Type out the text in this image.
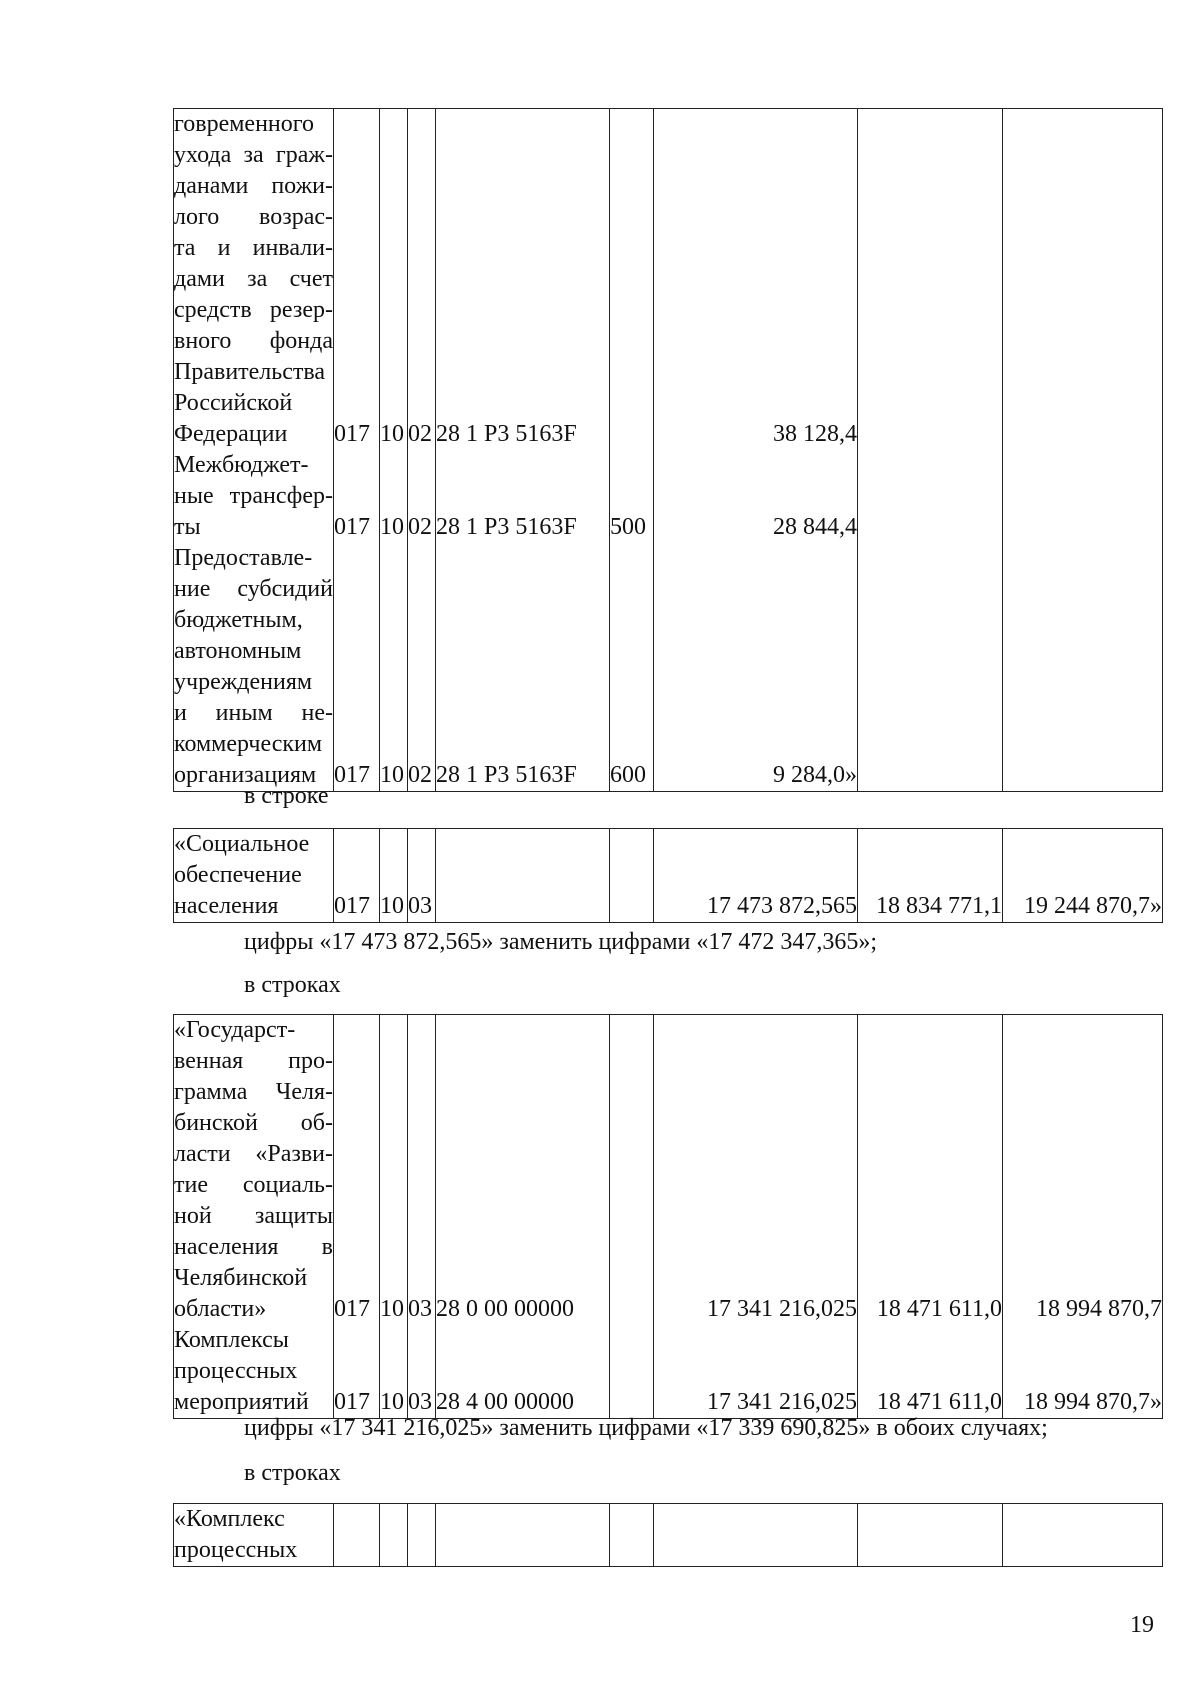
говременного								

ухода за граж-								

данами пожи-								

лого возрас-								

та и инвали-								

дами за счет								

средств резер-								

вного фонда								

Правительства								

Российской								

Федерации	017	10	02	28 1 Р3 5163F		38 128,4		

Межбюджет-								

ные трансфер-								

ты	017	10	02	28 1 Р3 5163F	500	28 844,4		

Предоставле-								

ние субсидий								

бюджетным,								

автономным								

учреждениям								

и иным не-								

коммерческим								

организациям	017	10	02	28 1 Р3 5163F	600	9 284,0»		
в строке
«Социальное								

обеспечение								

населения	017	10	03			17 473 872,565	18 834 771,1	19 244 870,7»
цифры «17 473 872,565» заменить цифрами «17 472 347,365»;
в строках
«Государст-								

венная про-								

грамма Челя-								

бинской об-								

ласти «Разви-								

тие социаль-								

ной защиты								

населения в								

Челябинской								

области»	017	10	03	28 0 00 00000		17 341 216,025	18 471 611,0	18 994 870,7

Комплексы								

процессных								

мероприятий	017	10	03	28 4 00 00000		17 341 216,025	18 471 611,0	18 994 870,7»
цифры «17 341 216,025» заменить цифрами «17 339 690,825» в обоих случаях;
в строках
«Комплекс								

процессных								

19
